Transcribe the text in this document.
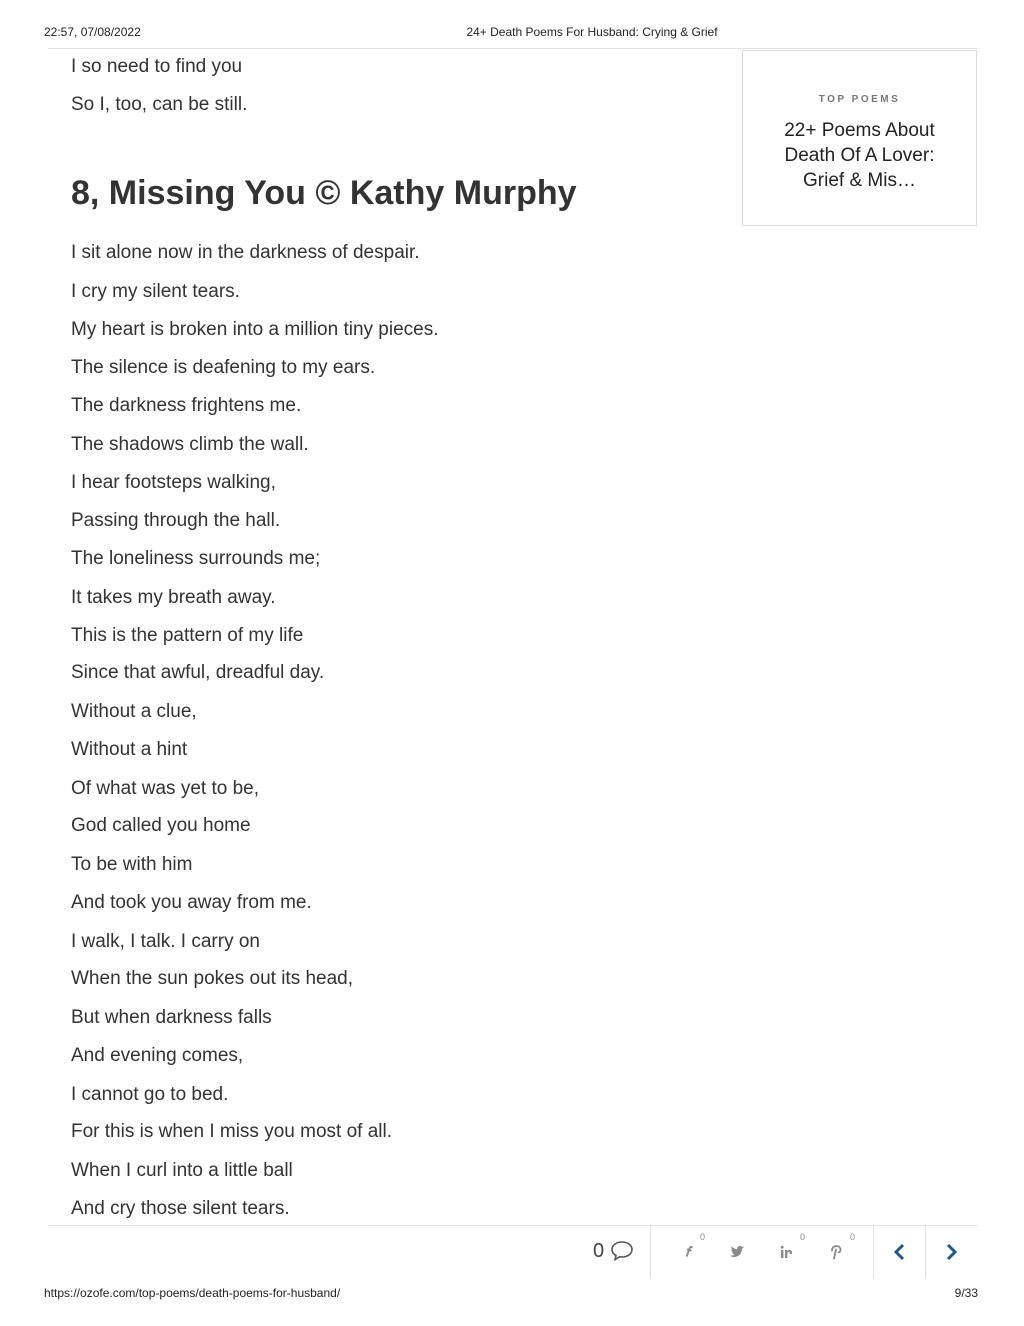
22:57, 07/08/2022	24+ Death Poems For Husband: Crying & Grief
I so need to find you
So I, too, can be still.
8, Missing You © Kathy Murphy
I sit alone now in the darkness of despair.
I cry my silent tears.
My heart is broken into a million tiny pieces.
The silence is deafening to my ears.
The darkness frightens me.
The shadows climb the wall.
I hear footsteps walking,
Passing through the hall.
The loneliness surrounds me;
It takes my breath away.
This is the pattern of my life
Since that awful, dreadful day.
Without a clue,
Without a hint
Of what was yet to be,
God called you home
To be with him
And took you away from me.
I walk, I talk. I carry on
When the sun pokes out its head,
But when darkness falls
And evening comes,
I cannot go to bed.
For this is when I miss you most of all.
When I curl into a little ball
And cry those silent tears.
TOP POEMS
22+ Poems About Death Of A Lover: Grief & Mis…
0
0	0	0
https://ozofe.com/top-poems/death-poems-for-husband/	9/33
